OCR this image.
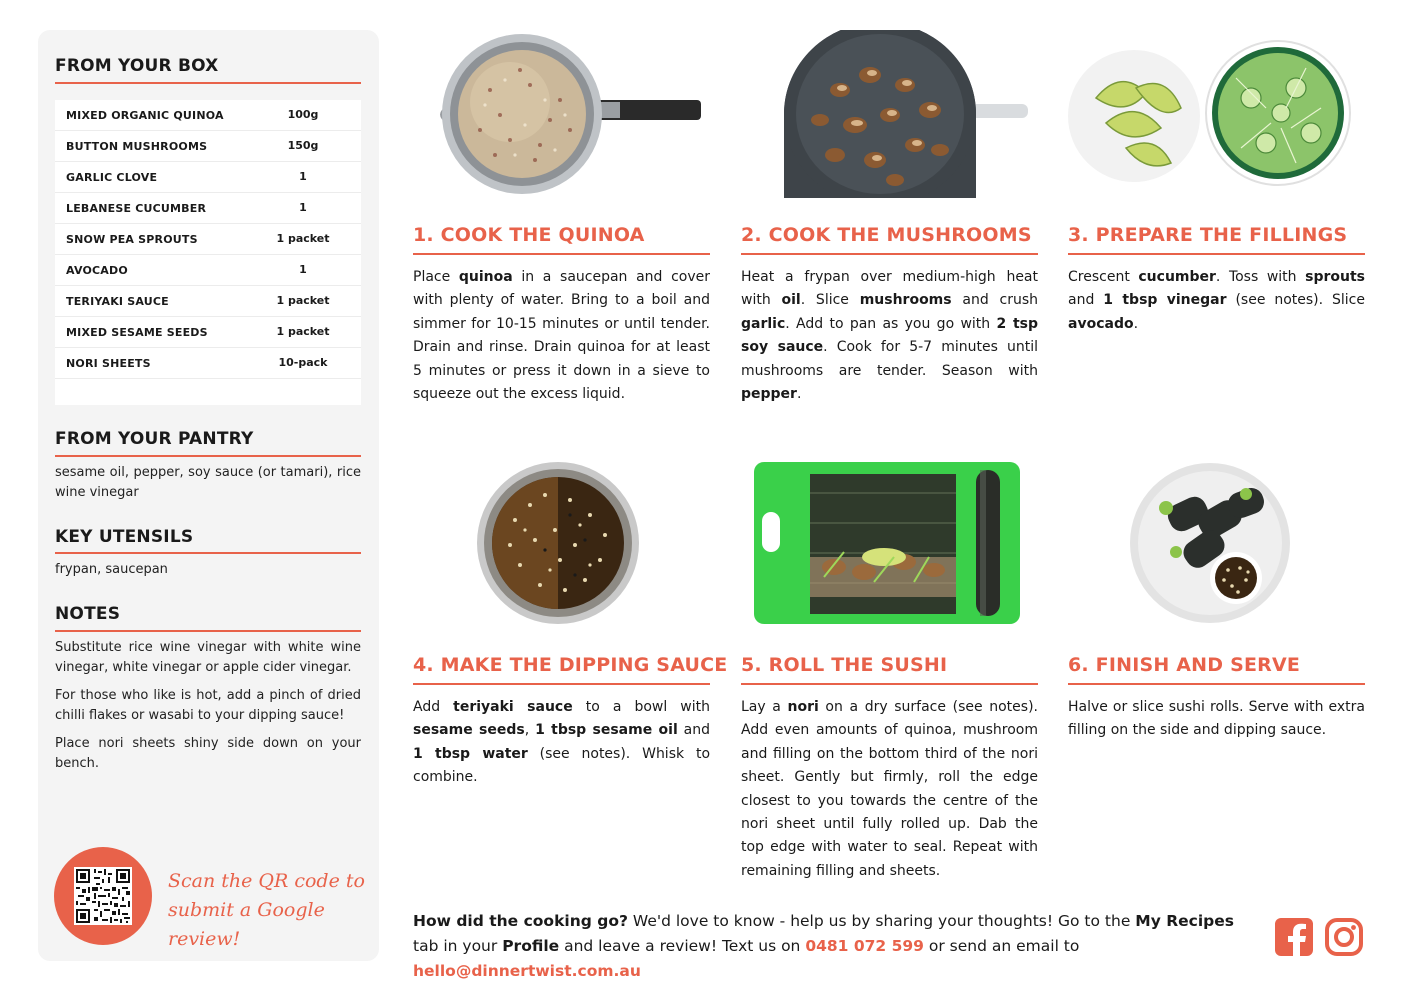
FROM YOUR BOX
MIXED ORGANIC QUINOA	100g
BUTTON MUSHROOMS	150g
GARLIC CLOVE	1
LEBANESE CUCUMBER	1
SNOW PEA SPROUTS	1 packet
AVOCADO	1
TERIYAKI SAUCE	1 packet
MIXED SESAME SEEDS	1 packet
NORI SHEETS	10-pack
FROM YOUR PANTRY
sesame oil, pepper, soy sauce (or tamari), rice wine vinegar
KEY UTENSILS
frypan, saucepan
NOTES
Substitute rice wine vinegar with white wine vinegar, white vinegar or apple cider vinegar.
For those who like is hot, add a pinch of dried chilli flakes or wasabi to your dipping sauce!
Place nori sheets shiny side down on your bench.
Scan the QR code to
submit a Google review!
1. COOK THE QUINOA
Place quinoa in a saucepan and cover with plenty of water. Bring to a boil and simmer for 10-15 minutes or until tender. Drain and rinse. Drain quinoa for at least 5 minutes or press it down in a sieve to squeeze out the excess liquid.
2. COOK THE MUSHROOMS
Heat a frypan over medium-high heat with oil. Slice mushrooms and crush garlic. Add to pan as you go with 2 tsp soy sauce. Cook for 5-7 minutes until mushrooms are tender. Season with pepper.
3. PREPARE THE FILLINGS
Crescent cucumber. Toss with sprouts and 1 tbsp vinegar (see notes). Slice avocado.
4. MAKE THE DIPPING SAUCE
Add teriyaki sauce to a bowl with sesame seeds, 1 tbsp sesame oil and 1 tbsp water (see notes). Whisk to combine.
5. ROLL THE SUSHI
Lay a nori on a dry surface (see notes). Add even amounts of quinoa, mushroom and filling on the bottom third of the nori sheet. Gently but firmly, roll the edge closest to you towards the centre of the nori sheet until fully rolled up. Dab the top edge with water to seal. Repeat with remaining filling and sheets.
6. FINISH AND SERVE
Halve or slice sushi rolls. Serve with extra filling on the side and dipping sauce.
How did the cooking go? We'd love to know - help us by sharing your thoughts! Go to the My Recipes tab in your Profile and leave a review! Text us on 0481 072 599 or send an email to hello@dinnertwist.com.au
